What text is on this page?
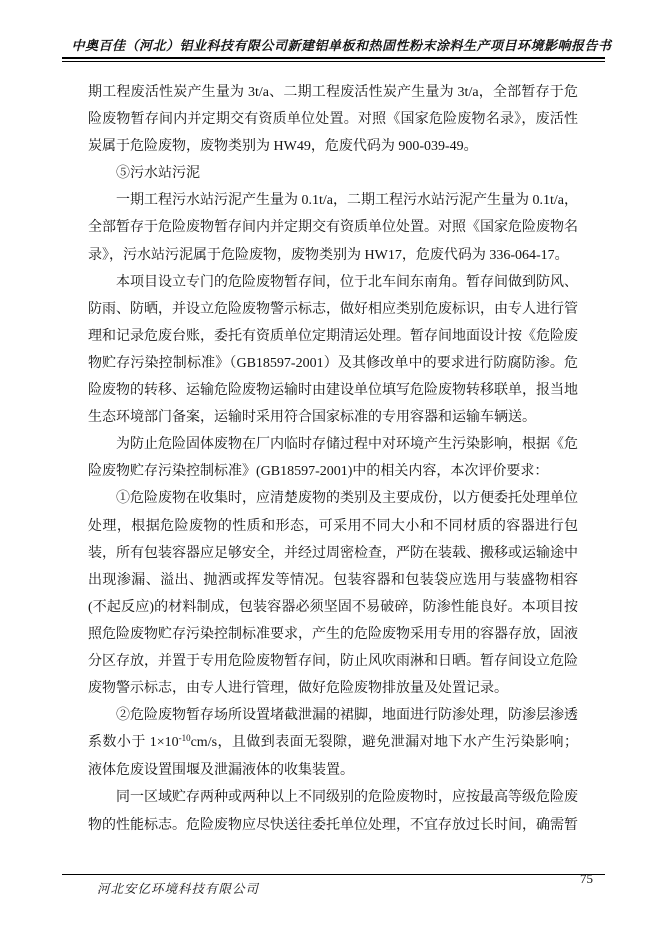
中奥百佳（河北）铝业科技有限公司新建铝单板和热固性粉末涂料生产项目环境影响报告书

期工程废活性炭产生量为 3t/a、二期工程废活性炭产生量为 3t/a，全部暂存于危险废物暂存间内并定期交有资质单位处置。对照《国家危险废物名录》，废活性炭属于危险废物，废物类别为 HW49，危废代码为 900-039-49。

⑤污水站污泥

一期工程污水站污泥产生量为 0.1t/a，二期工程污水站污泥产生量为 0.1t/a，全部暂存于危险废物暂存间内并定期交有资质单位处置。对照《国家危险废物名录》，污水站污泥属于危险废物，废物类别为 HW17，危废代码为 336-064-17。

本项目设立专门的危险废物暂存间，位于北车间东南角。暂存间做到防风、防雨、防晒，并设立危险废物警示标志，做好相应类别危废标识，由专人进行管理和记录危废台账，委托有资质单位定期清运处理。暂存间地面设计按《危险废物贮存污染控制标准》（GB18597-2001）及其修改单中的要求进行防腐防渗。危险废物的转移、运输危险废物运输时由建设单位填写危险废物转移联单，报当地生态环境部门备案，运输时采用符合国家标准的专用容器和运输车辆送。

为防止危险固体废物在厂内临时存储过程中对环境产生污染影响，根据《危险废物贮存污染控制标准》(GB18597-2001)中的相关内容，本次评价要求：

①危险废物在收集时，应清楚废物的类别及主要成份，以方便委托处理单位处理，根据危险废物的性质和形态，可采用不同大小和不同材质的容器进行包装，所有包装容器应足够安全，并经过周密检查，严防在装载、搬移或运输途中出现渗漏、溢出、抛洒或挥发等情况。包装容器和包装袋应选用与装盛物相容(不起反应)的材料制成，包装容器必须坚固不易破碎，防渗性能良好。本项目按照危险废物贮存污染控制标准要求，产生的危险废物采用专用的容器存放，固液分区存放，并置于专用危险废物暂存间，防止风吹雨淋和日晒。暂存间设立危险废物警示标志，由专人进行管理，做好危险废物排放量及处置记录。

②危险废物暂存场所设置堵截泄漏的裙脚，地面进行防渗处理，防渗层渗透系数小于 $1\times 10^{-10}cm/s$，且做到表面无裂隙，避免泄漏对地下水产生污染影响；液体危废设置围堰及泄漏液体的收集装置。

同一区域贮存两种或两种以上不同级别的危险废物时，应按最高等级危险废物的性能标志。危险废物应尽快送往委托单位处理，不宜存放过长时间，确需暂

河北安亿环境科技有限公司
75
